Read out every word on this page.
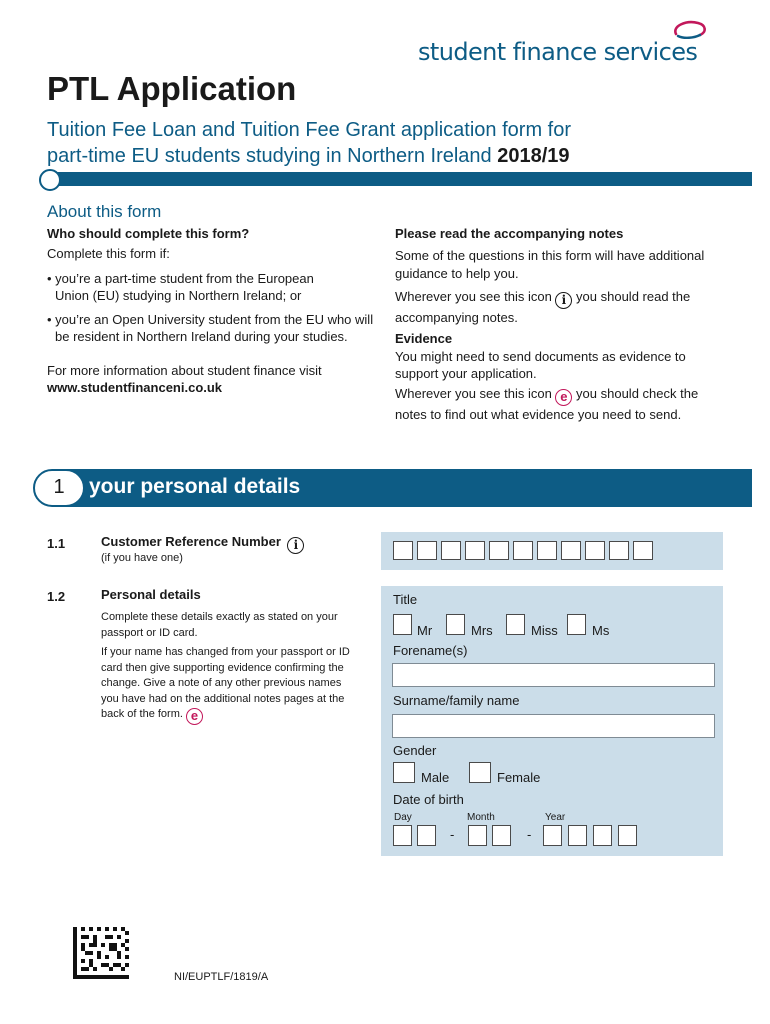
student finance services
PTL Application
Tuition Fee Loan and Tuition Fee Grant application form for
part-time EU students studying in Northern Ireland 2018/19
About this form
Who should complete this form?
Complete this form if:
• you’re a part-time student from the European Union (EU) studying in Northern Ireland; or
• you’re an Open University student from the EU who will be resident in Northern Ireland during your studies.
For more information about student finance visit
www.studentfinanceni.co.uk
Please read the accompanying notes
Some of the questions in this form will have additional guidance to help you.
Wherever you see this icon i you should read the accompanying notes.
Evidence
You might need to send documents as evidence to support your application.
Wherever you see this icon e you should check the notes to find out what evidence you need to send.
1	your personal details
1.1	Customer Reference Number i
(if you have one)
1.2	Personal details
Complete these details exactly as stated on your passport or ID card.
If your name has changed from your passport or ID card then give supporting evidence confirming the change. Give a note of any other previous names you have had on the additional notes pages at the back of the form. e
Title
Mr	Mrs	Miss	Ms
Forename(s)
Surname/family name
Gender
Male	Female
Date of birth
Day	Month	Year
-	-
NI/EUPTLF/1819/A
